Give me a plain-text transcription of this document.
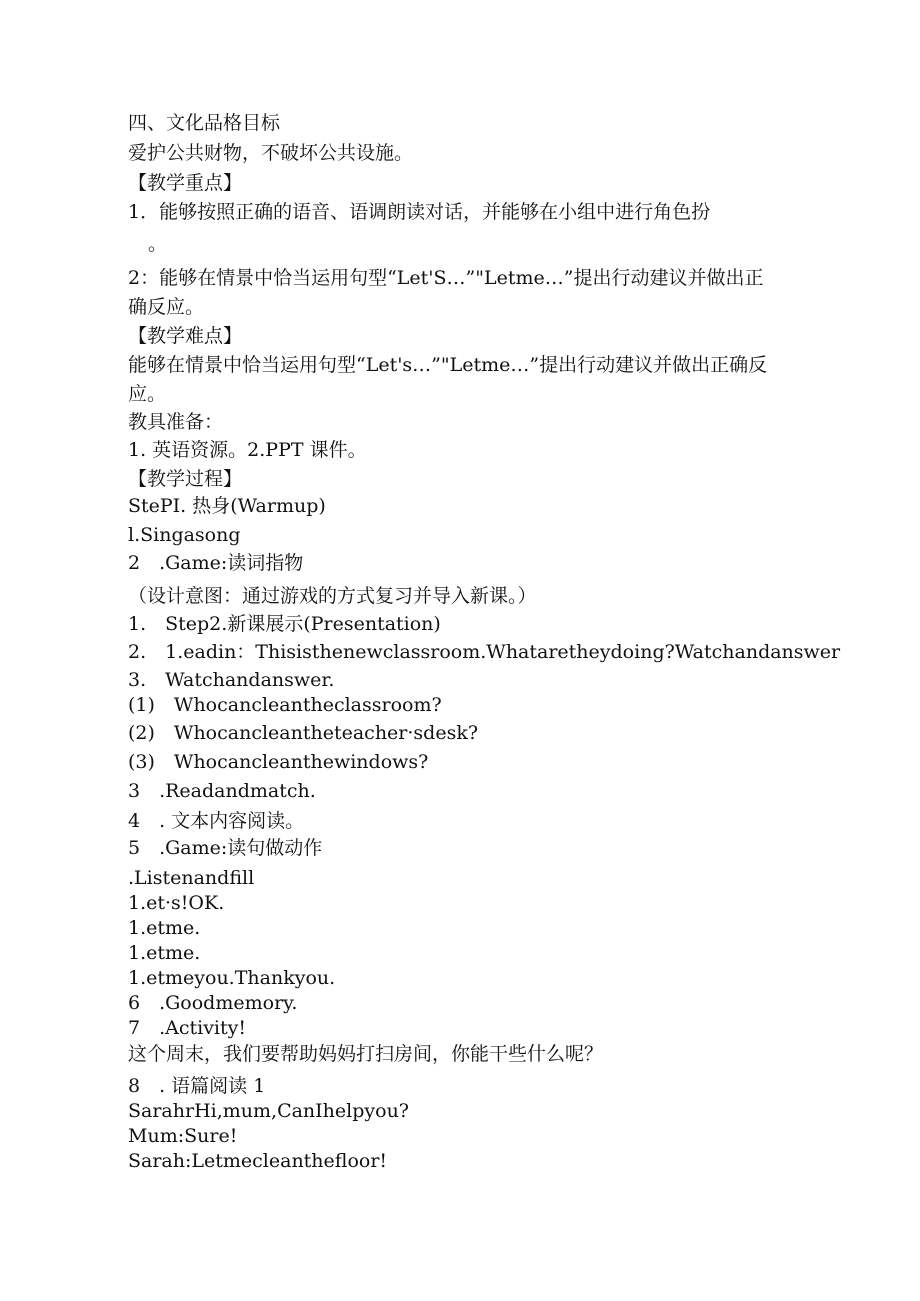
四、文化品格目标
爱护公共财物，不破坏公共设施。
【教学重点】
1．能够按照正确的语音、语调朗读对话，并能够在小组中进行角色扮
。
2：能够在情景中恰当运用句型“Let'S…”"Letme…”提出行动建议并做出正
确反应。
【教学难点】
能够在情景中恰当运用句型“Let's…”"Letme…”提出行动建议并做出正确反
应。
教具准备：
1. 英语资源。2.PPT 课件。
【教学过程】
StePI. 热身(Warmup)
l.Singasong
2　.Game:读词指物
（设计意图：通过游戏的方式复习并导入新课。）
1.　Step2.新课展示(Presentation)
2.　1.eadin：Thisisthenewclassroom.Whataretheydoing?Watchandanswer
3.　Watchandanswer.
(1)　Whocancleantheclassroom?
(2)　Whocancleantheteacher·sdesk?
(3)　Whocancleanthewindows?
3　.Readandmatch.
4　. 文本内容阅读。
5　.Game:读句做动作
.Listenandfill
1.et·s!OK.
1.etme.
1.etme.
1.etmeyou.Thankyou.
6　.Goodmemory.
7　.Activity!
这个周末，我们要帮助妈妈打扫房间，你能干些什么呢？
8　. 语篇阅读 1
SarahrHi,mum,CanIhelpyou?
Mum:Sure!
Sarah:Letmecleanthefloor!
